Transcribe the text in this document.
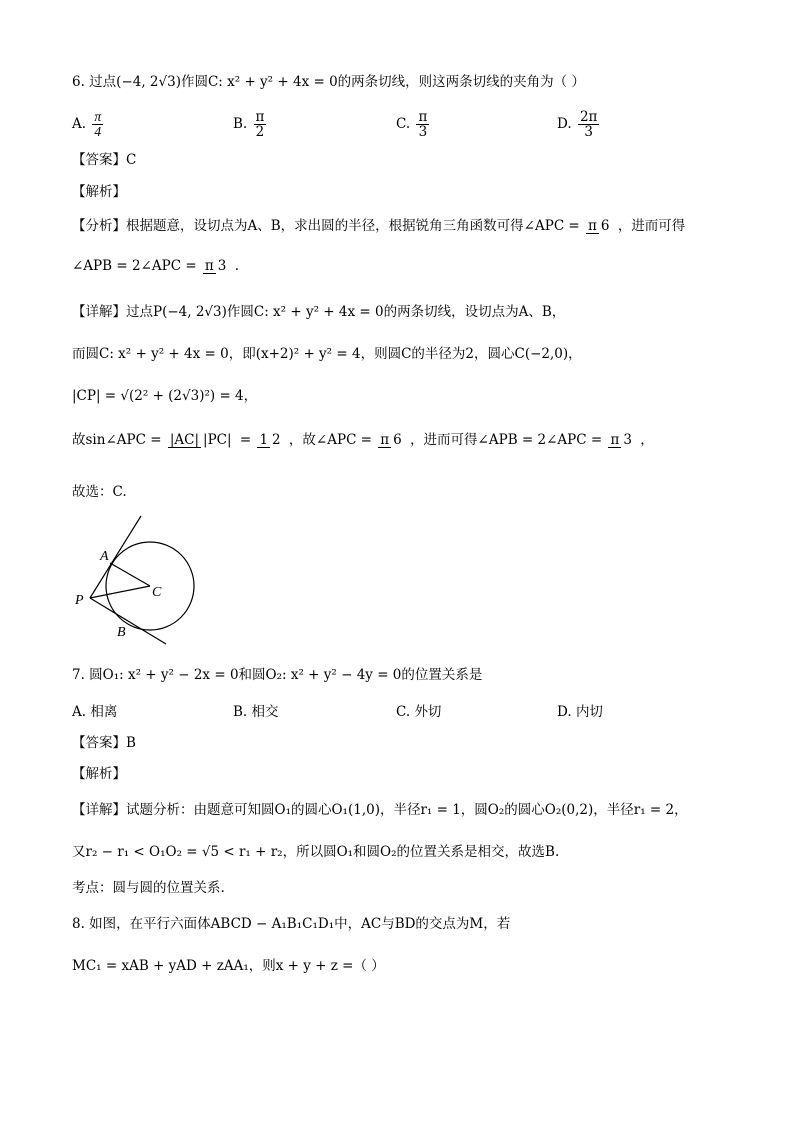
6. 过点(−4, 2√3)作圆C: x² + y² + 4x = 0的两条切线，则这两条切线的夹角为（ ）
A. $\frac{\pi}{4}$	B. $\frac{\pi}{2}$	C. $\frac{\pi}{3}$	D. $\frac{2\pi}{3}$
【答案】C
【解析】
【分析】根据题意，设切点为A、B，求出圆的半径，根据锐角三角函数可得∠APC = π 6 ，进而可得
∠APB = 2∠APC = π 3 .
【详解】过点P(−4, 2√3)作圆C: x² + y² + 4x = 0的两条切线，设切点为A、B，
而圆C: x² + y² + 4x = 0，即(x+2)² + y² = 4，则圆C的半径为2，圆心C(−2,0)，
|CP| = √(2² + (2√3)²) = 4，
故sin∠APC = |AC| |PC| = 1 2 ，故∠APC = π 6 ，进而可得∠APB = 2∠APC = π 3 ，
故选：C.
A
C
P
B
7. 圆O₁: x² + y² − 2x = 0和圆O₂: x² + y² − 4y = 0的位置关系是
A. 相离	B. 相交	C. 外切	D. 内切
【答案】B
【解析】
【详解】试题分析：由题意可知圆O₁的圆心O₁(1,0)，半径r₁ = 1，圆O₂的圆心O₂(0,2)，半径r₁ = 2，
又r₂ − r₁ < O₁O₂ = √5 < r₁ + r₂，所以圆O₁和圆O₂的位置关系是相交，故选B.
考点：圆与圆的位置关系.
8. 如图，在平行六面体ABCD − A₁B₁C₁D₁中，AC与BD的交点为M，若
MC₁ = xAB + yAD + zAA₁，则x + y + z =（ ）
